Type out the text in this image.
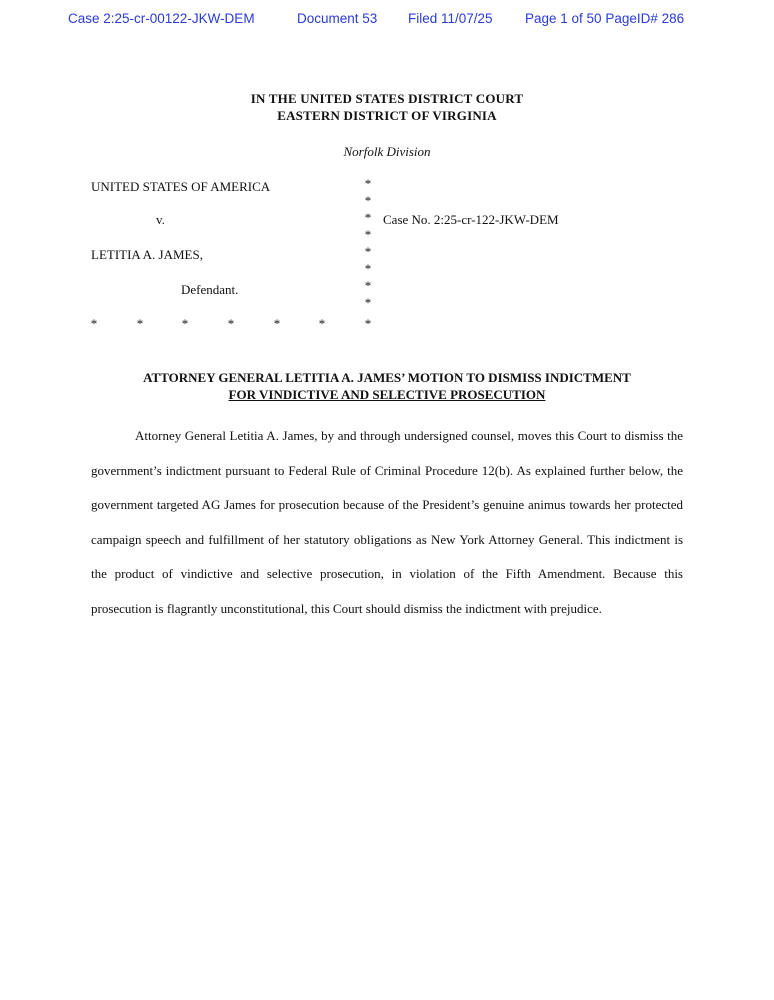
Case 2:25-cr-00122-JKW-DEM	Document 53 Filed 11/07/25 Page 1 of 50 PageID# 286
IN THE UNITED STATES DISTRICT COURT
EASTERN DISTRICT OF VIRGINIA
Norfolk Division
UNITED STATES OF AMERICA
v.
LETITIA A. JAMES,
Defendant.
Case No. 2:25-cr-122-JKW-DEM
*
*
*
*
*
*
*
*
*	*	*	*	*	*	*
ATTORNEY GENERAL LETITIA A. JAMES’ MOTION TO DISMISS INDICTMENT
FOR VINDICTIVE AND SELECTIVE PROSECUTION
Attorney General Letitia A. James, by and through undersigned counsel, moves this Court to dismiss the government’s indictment pursuant to Federal Rule of Criminal Procedure 12(b). As explained further below, the government targeted AG James for prosecution because of the President’s genuine animus towards her protected campaign speech and fulfillment of her statutory obligations as New York Attorney General. This indictment is the product of vindictive and selective prosecution, in violation of the Fifth Amendment. Because this prosecution is flagrantly unconstitutional, this Court should dismiss the indictment with prejudice.
